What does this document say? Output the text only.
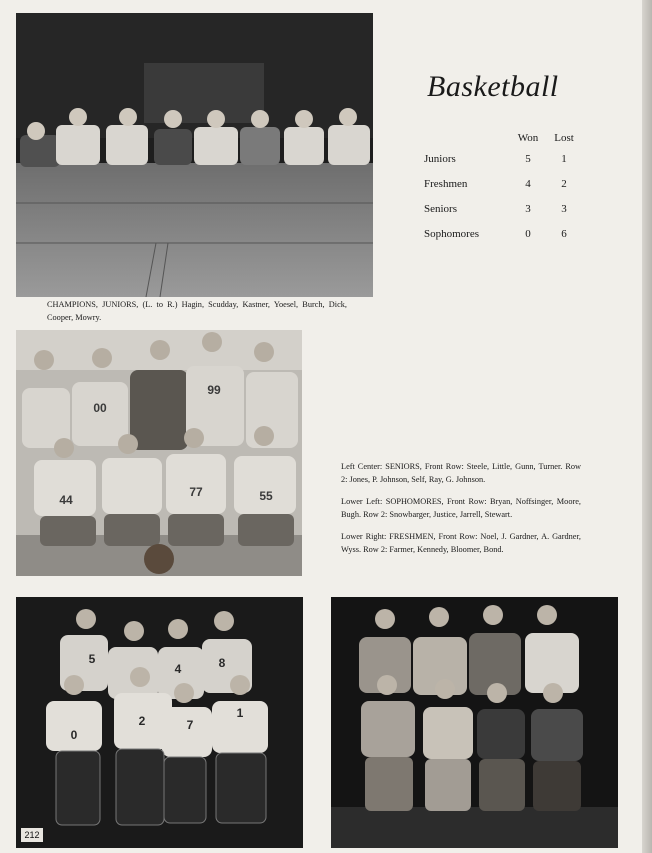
Basketball
	Won	Lost
Juniors	5	1
Freshmen	4	2
Seniors	3	3
Sophomores	0	6
CHAMPIONS, JUNIORS, (L. to R.) Hagin, Scudday, Kastner, Yoesel, Burch, Dick, Cooper, Mowry.
00
99
44
77	55
Left Center: SENIORS, Front Row: Steele, Little, Gunn, Turner. Row 2: Jones, P. Johnson, Self, Ray, G. Johnson.
Lower Left: SOPHOMORES, Front Row: Bryan, Noffsinger, Moore, Bugh. Row 2: Snowbarger, Justice, Jarrell, Stewart.
Lower Right: FRESHMEN, Front Row: Noel, J. Gardner, A. Gardner, Wyss. Row 2: Farmer, Kennedy, Bloomer, Bond.
5
4	8
0
2	7
1
212
